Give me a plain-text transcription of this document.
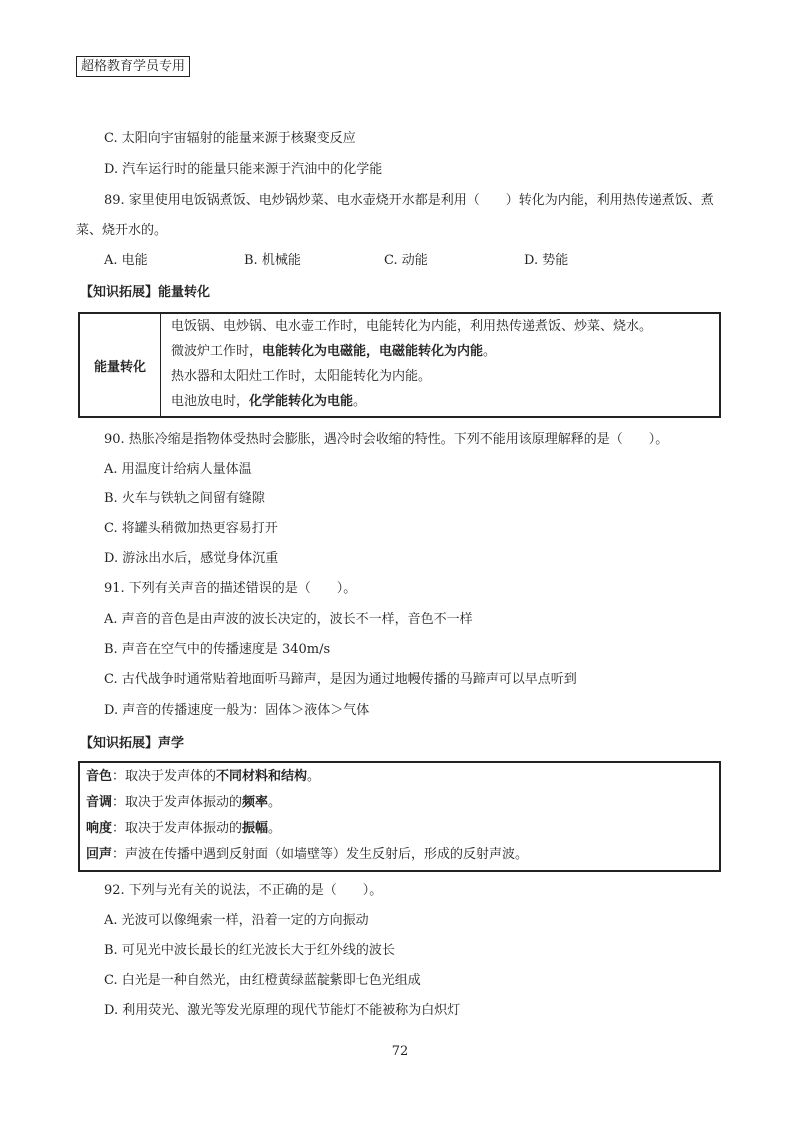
超格教育学员专用
C. 太阳向宇宙辐射的能量来源于核聚变反应
D. 汽车运行时的能量只能来源于汽油中的化学能
89. 家里使用电饭锅煮饭、电炒锅炒菜、电水壶烧开水都是利用（　　）转化为内能，利用热传递煮饭、煮
菜、烧开水的。
A. 电能	B. 机械能	C. 动能	D. 势能
【知识拓展】能量转化
能量转化
电饭锅、电炒锅、电水壶工作时，电能转化为内能，利用热传递煮饭、炒菜、烧水。
微波炉工作时，电能转化为电磁能，电磁能转化为内能。
热水器和太阳灶工作时，太阳能转化为内能。
电池放电时，化学能转化为电能。
90. 热胀冷缩是指物体受热时会膨胀，遇冷时会收缩的特性。下列不能用该原理解释的是（　　）。
A. 用温度计给病人量体温
B. 火车与铁轨之间留有缝隙
C. 将罐头稍微加热更容易打开
D. 游泳出水后，感觉身体沉重
91. 下列有关声音的描述错误的是（　　）。
A. 声音的音色是由声波的波长决定的，波长不一样，音色不一样
B. 声音在空气中的传播速度是 340m/s
C. 古代战争时通常贴着地面听马蹄声，是因为通过地幔传播的马蹄声可以早点听到
D. 声音的传播速度一般为：固体＞液体＞气体
【知识拓展】声学
音色：取决于发声体的不同材料和结构。
音调：取决于发声体振动的频率。
响度：取决于发声体振动的振幅。
回声：声波在传播中遇到反射面（如墙壁等）发生反射后，形成的反射声波。
92. 下列与光有关的说法，不正确的是（　　）。
A. 光波可以像绳索一样，沿着一定的方向振动
B. 可见光中波长最长的红光波长大于红外线的波长
C. 白光是一种自然光，由红橙黄绿蓝靛紫即七色光组成
D. 利用荧光、激光等发光原理的现代节能灯不能被称为白炽灯
72
